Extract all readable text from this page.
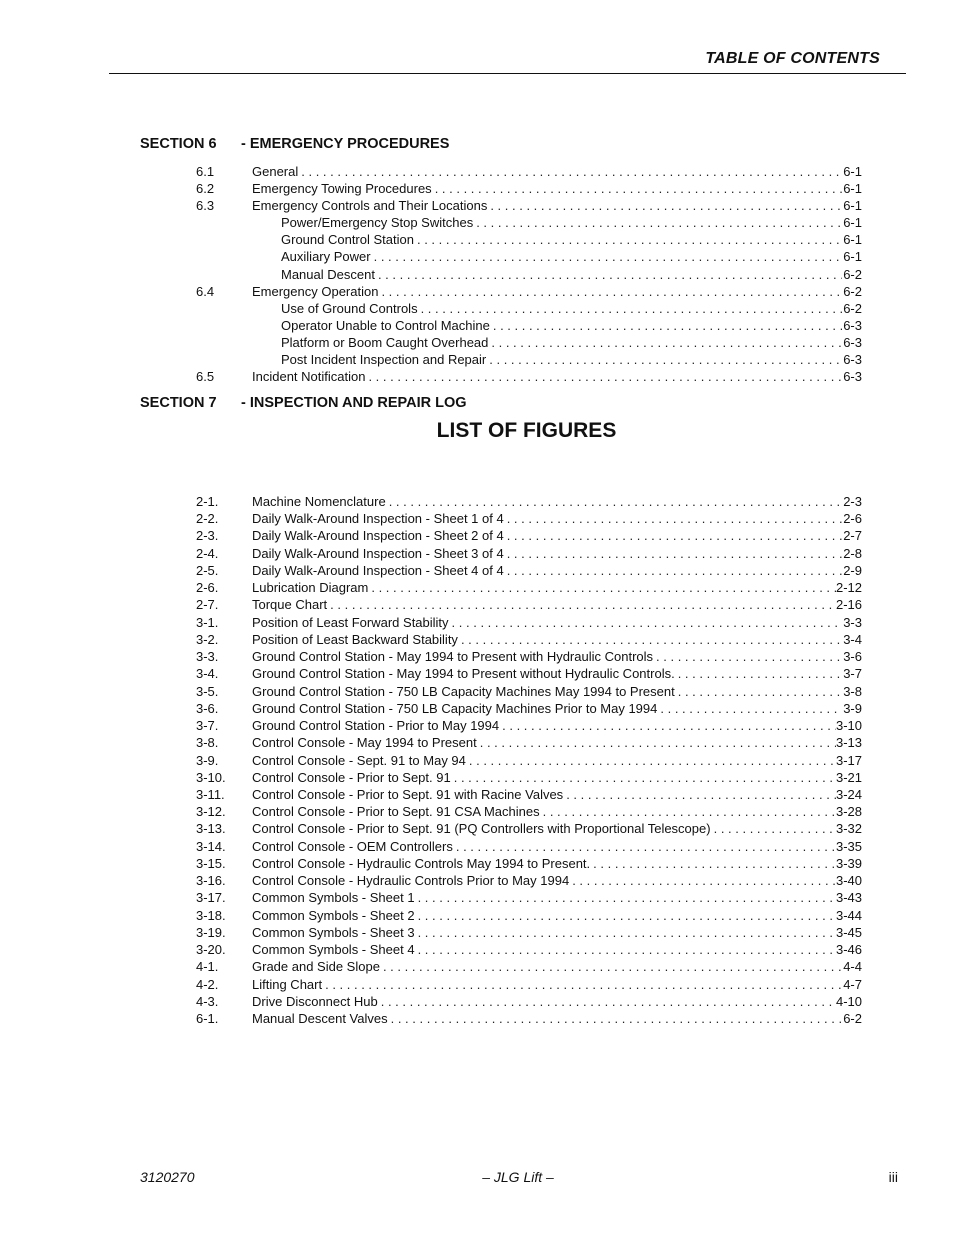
TABLE OF CONTENTS
SECTION 6 - EMERGENCY PROCEDURES
6.1	General . . .	6-1
6.2	Emergency Towing Procedures . . .	6-1
6.3	Emergency Controls and Their Locations . . .	6-1
Power/Emergency Stop Switches . . .	6-1
Ground Control Station . . .	6-1
Auxiliary Power . . .	6-1
Manual Descent . . .	6-2
6.4	Emergency Operation . . .	6-2
Use of Ground Controls . . .	6-2
Operator Unable to Control Machine . . .	6-3
Platform or Boom Caught Overhead . . .	6-3
Post Incident Inspection and Repair . . .	6-3
6.5	Incident Notification . . .	6-3
SECTION 7 - INSPECTION AND REPAIR LOG
LIST OF FIGURES
2-1.	Machine Nomenclature . . .	2-3
2-2.	Daily Walk-Around Inspection - Sheet 1 of 4 . . .	2-6
2-3.	Daily Walk-Around Inspection - Sheet 2 of 4 . . .	2-7
2-4.	Daily Walk-Around Inspection - Sheet 3 of 4 . . .	2-8
2-5.	Daily Walk-Around Inspection - Sheet 4 of 4 . . .	2-9
2-6.	Lubrication Diagram . . .	2-12
2-7.	Torque Chart . . .	2-16
3-1.	Position of Least Forward Stability . . .	3-3
3-2.	Position of Least Backward Stability . . .	3-4
3-3.	Ground Control Station - May 1994 to Present with Hydraulic Controls . . .	3-6
3-4.	Ground Control Station - May 1994 to Present without Hydraulic Controls. . . .	3-7
3-5.	Ground Control Station - 750 LB Capacity Machines May 1994 to Present . . .	3-8
3-6.	Ground Control Station - 750 LB Capacity Machines Prior to May 1994 . . .	3-9
3-7.	Ground Control Station - Prior to May 1994 . . .	3-10
3-8.	Control Console - May 1994 to Present . . .	3-13
3-9.	Control Console - Sept. 91 to May 94 . . .	3-17
3-10.	Control Console - Prior to Sept. 91 . . .	3-21
3-11.	Control Console - Prior to Sept. 91 with Racine Valves . . .	3-24
3-12.	Control Console - Prior to Sept. 91 CSA Machines . . .	3-28
3-13.	Control Console - Prior to Sept. 91 (PQ Controllers with Proportional Telescope) . . .	3-32
3-14.	Control Console - OEM Controllers . . .	3-35
3-15.	Control Console - Hydraulic Controls May 1994 to Present. . . .	3-39
3-16.	Control Console - Hydraulic Controls Prior to May 1994 . . .	3-40
3-17.	Common Symbols - Sheet 1 . . .	3-43
3-18.	Common Symbols - Sheet 2 . . .	3-44
3-19.	Common Symbols - Sheet 3 . . .	3-45
3-20.	Common Symbols - Sheet 4 . . .	3-46
4-1.	Grade and Side Slope . . .	4-4
4-2.	Lifting Chart . . .	4-7
4-3.	Drive Disconnect Hub . . .	4-10
6-1.	Manual Descent Valves . . .	6-2
3120270	– JLG Lift –	iii
